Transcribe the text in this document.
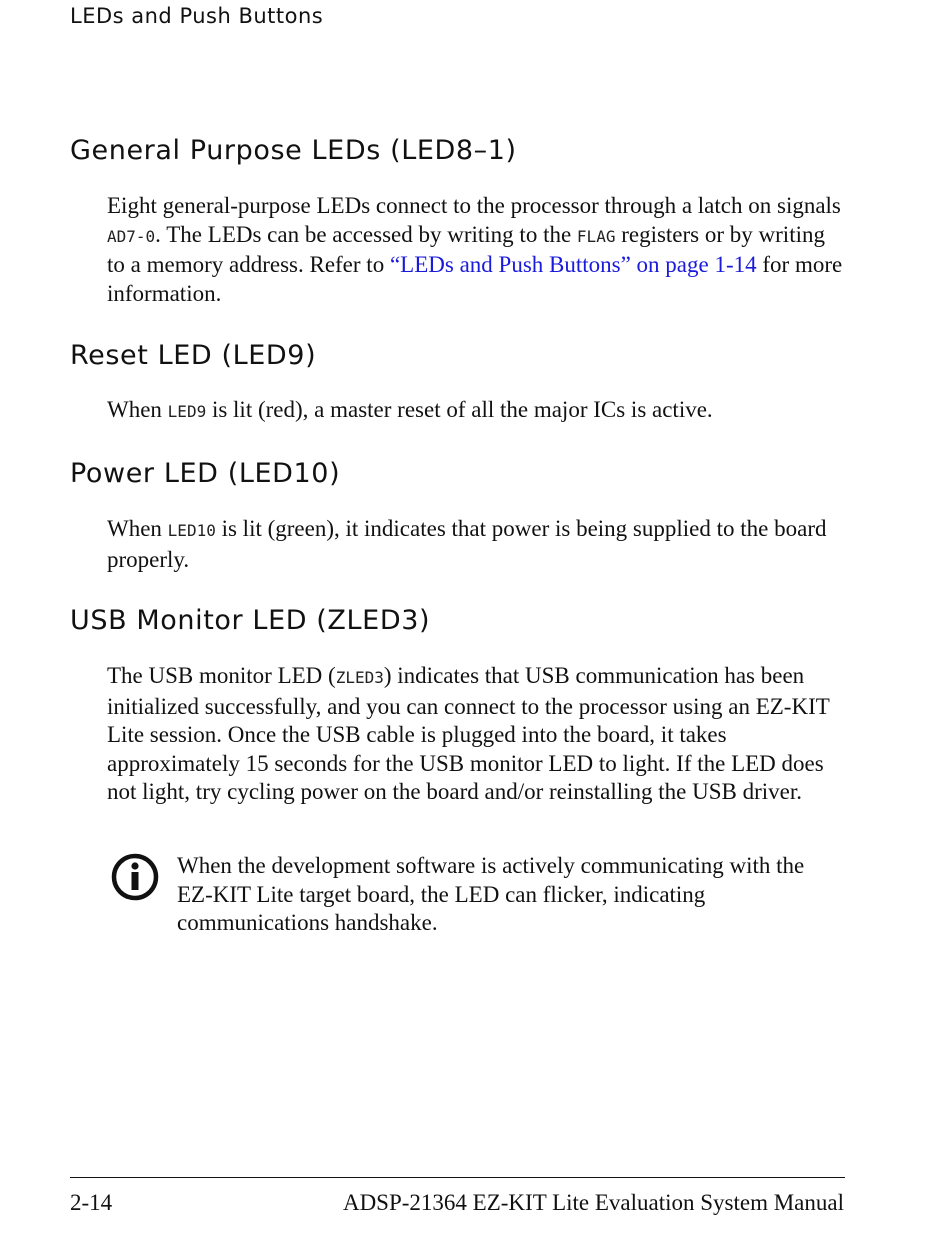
LEDs and Push Buttons
General Purpose LEDs (LED8–1)

Eight general-purpose LEDs connect to the processor through a latch on signals AD7-0. The LEDs can be accessed by writing to the FLAG registers or by writing to a memory address. Refer to “LEDs and Push Buttons” on page 1-14 for more information.

Reset LED (LED9)

When LED9 is lit (red), a master reset of all the major ICs is active.

Power LED (LED10)

When LED10 is lit (green), it indicates that power is being supplied to the board properly.

USB Monitor LED (ZLED3)

The USB monitor LED (ZLED3) indicates that USB communication has been initialized successfully, and you can connect to the processor using an EZ-KIT Lite session. Once the USB cable is plugged into the board, it takes approximately 15 seconds for the USB monitor LED to light. If the LED does not light, try cycling power on the board and/or reinstalling the USB driver.

When the development software is actively communicating with the EZ-KIT Lite target board, the LED can flicker, indicating communications handshake.

2-14	ADSP-21364 EZ-KIT Lite Evaluation System Manual
